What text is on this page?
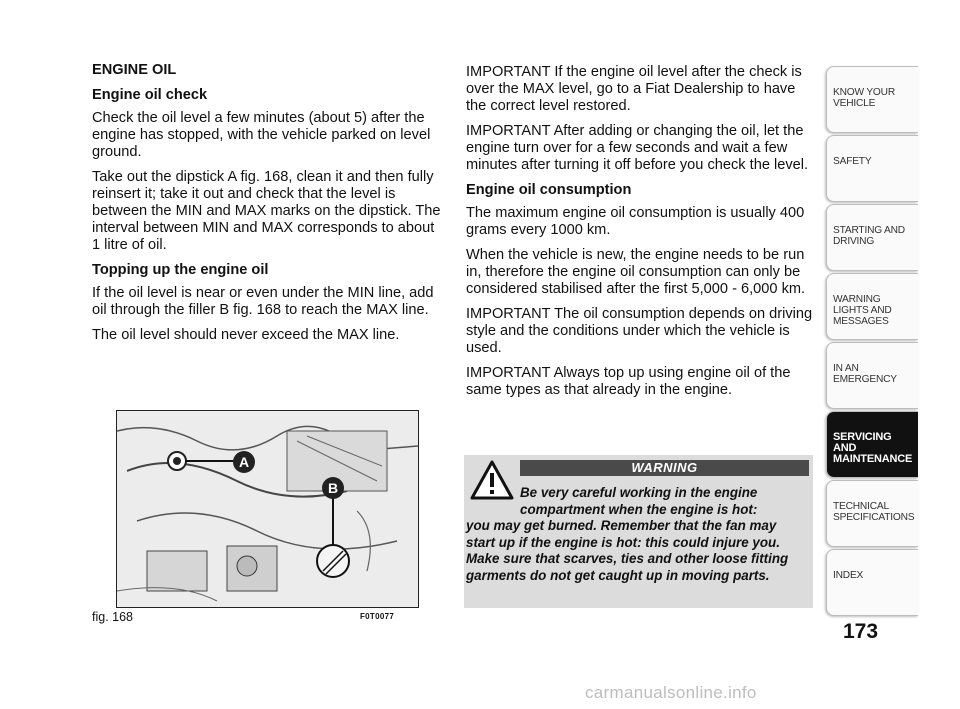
ENGINE OIL
Engine oil check

Check the oil level a few minutes (about 5) after the engine has stopped, with the vehicle parked on level ground.

Take out the dipstick A fig. 168, clean it and then fully reinsert it; take it out and check that the level is between the MIN and MAX marks on the dipstick. The interval between MIN and MAX corresponds to about 1 litre of oil.

Topping up the engine oil

If the oil level is near or even under the MIN line, add oil through the filler B fig. 168 to reach the MAX line.

The oil level should never exceed the MAX line.

IMPORTANT If the engine oil level after the check is over the MAX level, go to a Fiat Dealership to have the correct level restored.

IMPORTANT After adding or changing the oil, let the engine turn over for a few seconds and wait a few minutes after turning it off before you check the level.

Engine oil consumption

The maximum engine oil consumption is usually 400 grams every 1000 km.

When the vehicle is new, the engine needs to be run in, therefore the engine oil consumption can only be considered stabilised after the first 5,000 - 6,000 km.

IMPORTANT The oil consumption depends on driving style and the conditions under which the vehicle is used.

IMPORTANT Always top up using engine oil of the same types as that already in the engine.

A
B
fig. 168	F0T0077
WARNING
Be very careful working in the engine compartment when the engine is hot:
you may get burned. Remember that the fan may start up if the engine is hot: this could injure you. Make sure that scarves, ties and other loose fitting garments do not get caught up in moving parts.
KNOW YOUR VEHICLE
SAFETY
STARTING AND DRIVING
WARNING LIGHTS AND MESSAGES
IN AN EMERGENCY
SERVICING AND MAINTENANCE
TECHNICAL SPECIFICATIONS
INDEX
173
carmanualsonline.info
